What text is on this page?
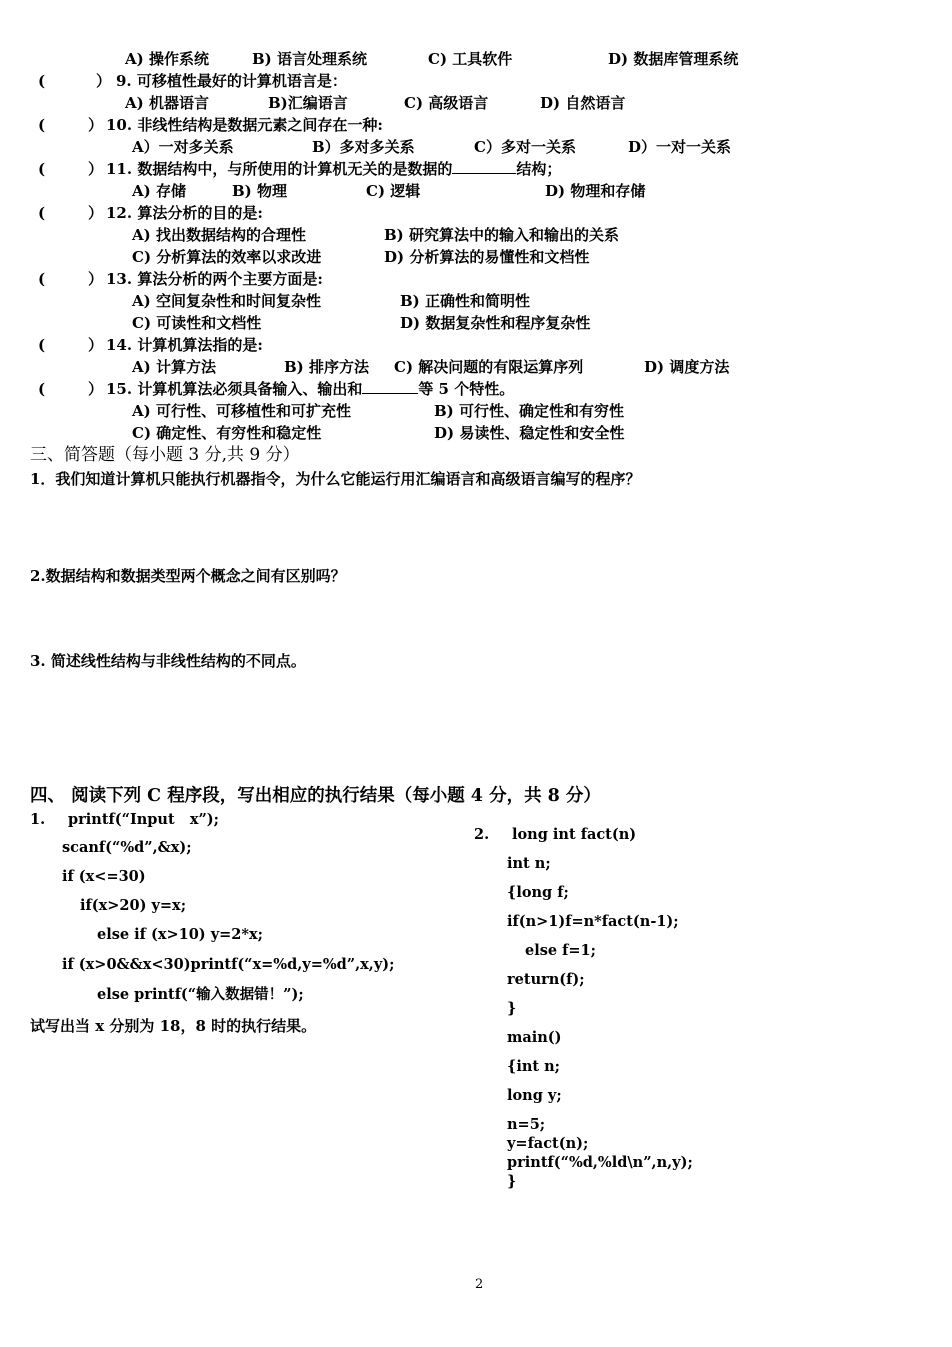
A) 操作系统	B) 语言处理系统	C) 工具软件	D) 数据库管理系统
(	） 9. 可移植性最好的计算机语言是：
A) 机器语言	B)汇编语言	C) 高级语言	D) 自然语言
(	） 10. 非线性结构是数据元素之间存在一种:
A）一对多关系	B）多对多关系	C）多对一关系	D）一对一关系
(	） 11. 数据结构中，与所使用的计算机无关的是数据的	结构；
A) 存储	B) 物理	C) 逻辑	D) 物理和存储
(	） 12. 算法分析的目的是:
A) 找出数据结构的合理性	B) 研究算法中的输入和输出的关系
C) 分析算法的效率以求改进	D) 分析算法的易懂性和文档性
(	） 13. 算法分析的两个主要方面是:
A) 空间复杂性和时间复杂性	B) 正确性和简明性
C) 可读性和文档性	D) 数据复杂性和程序复杂性
(	） 14. 计算机算法指的是:
A) 计算方法	B) 排序方法 C) 解决问题的有限运算序列	D) 调度方法
(	） 15. 计算机算法必须具备输入、输出和	等 5 个特性。
A) 可行性、可移植性和可扩充性	B) 可行性、确定性和有穷性
C) 确定性、有穷性和稳定性	D) 易读性、稳定性和安全性
三、简答题（每小题 3 分,共 9 分）
1．我们知道计算机只能执行机器指令，为什么它能运行用汇编语言和高级语言编写的程序？
2.数据结构和数据类型两个概念之间有区别吗？
3. 简述线性结构与非线性结构的不同点。
四、 阅读下列 C 程序段，写出相应的执行结果（每小题 4 分，共 8 分）
1. printf(“Input   x”);
scanf(“%d”,&x);
if (x<=30)
if(x>20) y=x;
else if (x>10) y=2*x;
if (x>0&&x<30)printf(“x=%d,y=%d”,x,y);
else printf(“输入数据错！”);
试写出当 x 分别为 18，8 时的执行结果。
2. long int fact(n)
int n;
{long f;
if(n>1)f=n*fact(n-1);
else f=1;
return(f);
}
main()
{int n;
long y;
n=5;
y=fact(n);
printf(“%d,%ld\n”,n,y);
}
2
